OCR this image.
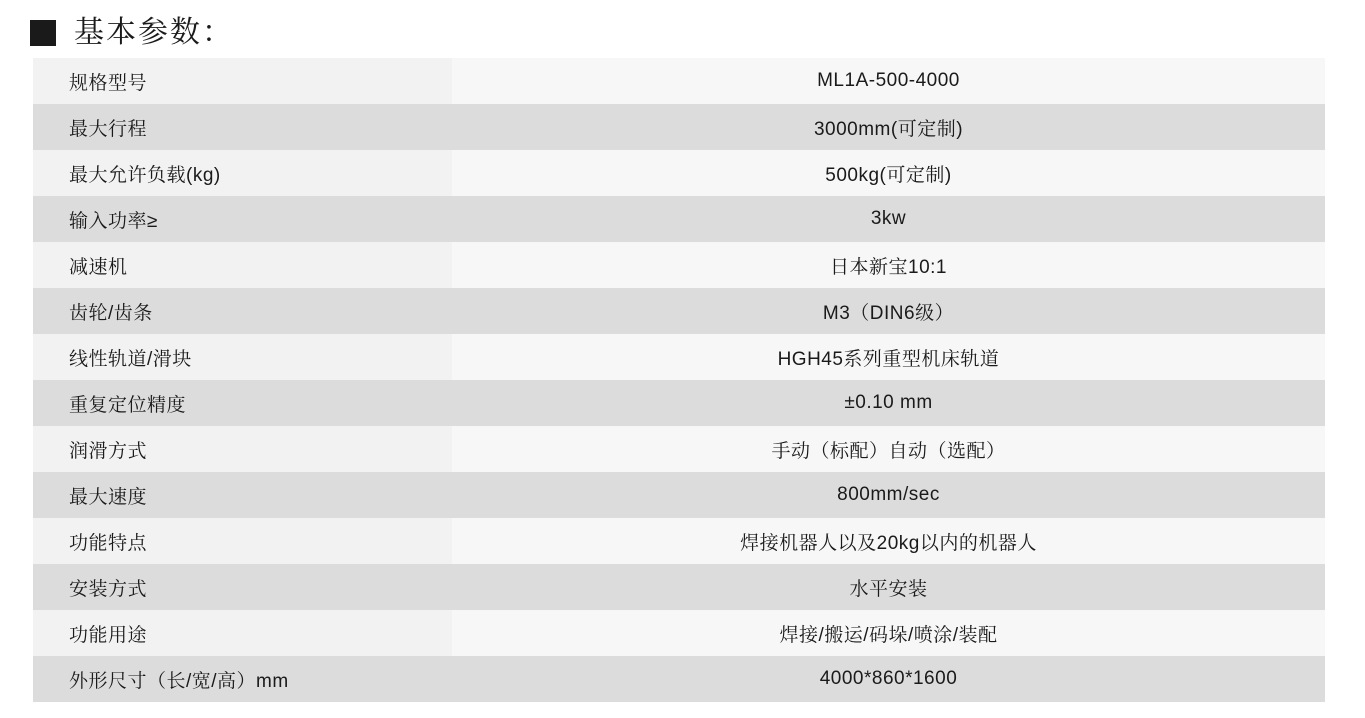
基本参数：
规格型号	ML1A-500-4000
最大行程	3000mm(可定制)
最大允许负载(kg)	500kg(可定制)
输入功率≥	3kw
减速机	日本新宝10:1
齿轮/齿条	M3（DIN6级）
线性轨道/滑块	HGH45系列重型机床轨道
重复定位精度	±0.10 mm
润滑方式	手动（标配）自动（选配）
最大速度	800mm/sec
功能特点	焊接机器人以及20kg以内的机器人
安装方式	水平安装
功能用途	焊接/搬运/码垛/喷涂/装配
外形尺寸（长/宽/高）mm	4000*860*1600
